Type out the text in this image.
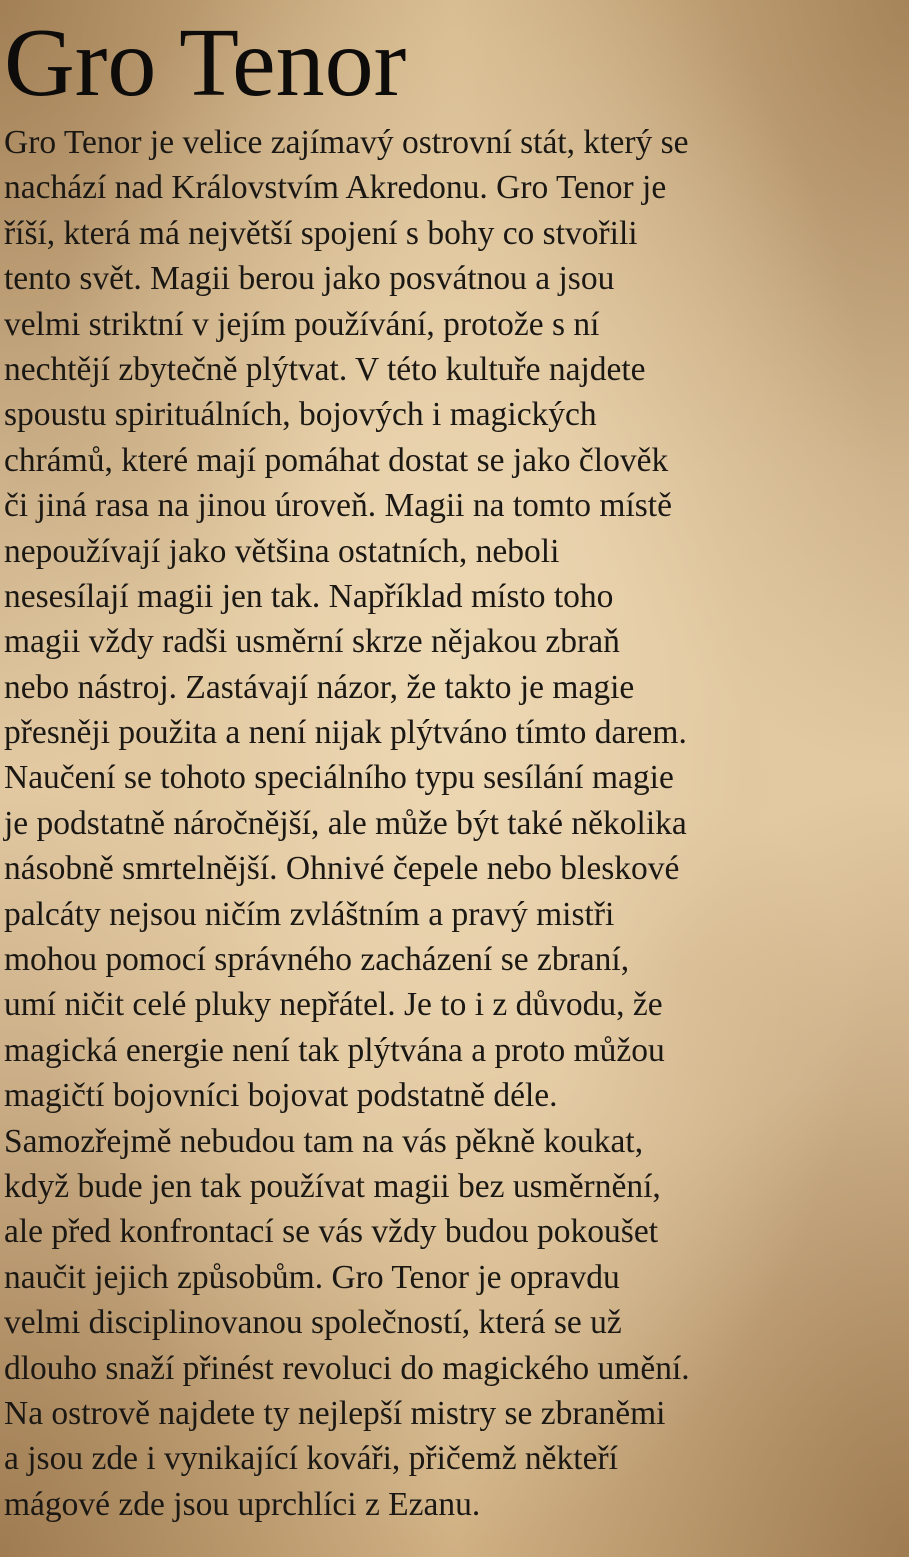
Gro Tenor
Gro Tenor je velice zajímavý ostrovní stát, který se
nachází nad Královstvím Akredonu. Gro Tenor je
říší, která má největší spojení s bohy co stvořili
tento svět. Magii berou jako posvátnou a jsou
velmi striktní v jejím používání, protože s ní
nechtějí zbytečně plýtvat. V této kultuře najdete
spoustu spirituálních, bojových i magických
chrámů, které mají pomáhat dostat se jako člověk
či jiná rasa na jinou úroveň. Magii na tomto místě
nepoužívají jako většina ostatních, neboli
nesesílají magii jen tak. Například místo toho
magii vždy radši usměrní skrze nějakou zbraň
nebo nástroj. Zastávají názor, že takto je magie
přesněji použita a není nijak plýtváno tímto darem.
Naučení se tohoto speciálního typu sesílání magie
je podstatně náročnější, ale může být také několika
násobně smrtelnější. Ohnivé čepele nebo bleskové
palcáty nejsou ničím zvláštním a pravý mistři
mohou pomocí správného zacházení se zbraní,
umí ničit celé pluky nepřátel. Je to i z důvodu, že
magická energie není tak plýtvána a proto můžou
magičtí bojovníci bojovat podstatně déle.
Samozřejmě nebudou tam na vás pěkně koukat,
když bude jen tak používat magii bez usměrnění,
ale před konfrontací se vás vždy budou pokoušet
naučit jejich způsobům. Gro Tenor je opravdu
velmi disciplinovanou společností, která se už
dlouho snaží přinést revoluci do magického umění.
Na ostrově najdete ty nejlepší mistry se zbraněmi
a jsou zde i vynikající kováři, přičemž někteří
mágové zde jsou uprchlíci z Ezanu.
